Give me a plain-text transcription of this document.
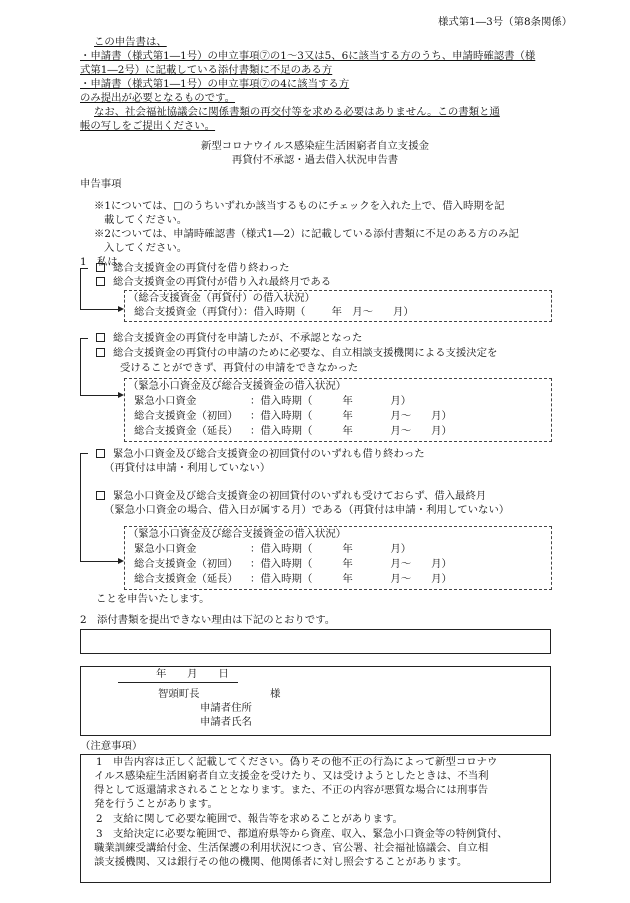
様式第1―3号（第8条関係）
この申告書は、
・申請書（様式第1―1号）の申立事項⑦の1～3又は5、6に該当する方のうち、申請時確認書（様
式第1―2号）に記載している添付書類に不足のある方
・申請書（様式第1―1号）の申立事項⑦の4に該当する方
のみ提出が必要となるものです。
なお、社会福祉協議会に関係書類の再交付等を求める必要はありません。この書類と通
帳の写しをご提出ください。
新型コロナウイルス感染症生活困窮者自立支援金
再貸付不承認・過去借入状況申告書
申告事項
※1については、□のうちいずれか該当するものにチェックを入れた上で、借入時期を記
載してください。
※2については、申請時確認書（様式1―2）に記載している添付書類に不足のある方のみ記
入してください。
1　私は、
総合支援資金の再貸付を借り終わった
総合支援資金の再貸付が借り入れ最終月である
（総合支援資金（再貸付）の借入状況）
総合支援資金（再貸付）：借入時期（	年　月～ 月）
総合支援資金の再貸付を申請したが、不承認となった
総合支援資金の再貸付の申請のために必要な、自立相談支援機関による支援決定を
受けることができず、再貸付の申請をできなかった
（緊急小口資金及び総合支援資金の借入状況）
緊急小口資金	：借入時期（	年	月）
総合支援資金（初回） ：借入時期（	年	月～ 月）
総合支援資金（延長） ：借入時期（	年	月～ 月）
緊急小口資金及び総合支援資金の初回貸付のいずれも借り終わった
（再貸付は申請・利用していない）
緊急小口資金及び総合支援資金の初回貸付のいずれも受けておらず、借入最終月
（緊急小口資金の場合、借入日が属する月）である（再貸付は申請・利用していない）
（緊急小口資金及び総合支援資金の借入状況）
緊急小口資金	：借入時期（	年	月）
総合支援資金（初回） ：借入時期（	年	月～ 月）
総合支援資金（延長） ：借入時期（	年	月～ 月）
ことを申告いたします。
2　添付書類を提出できない理由は下記のとおりです。
年　　月　　日
智頭町長	様
申請者住所
申請者氏名
（注意事項）
1　申告内容は正しく記載してください。偽りその他不正の行為によって新型コロナウ
イルス感染症生活困窮者自立支援金を受けたり、又は受けようとしたときは、不当利
得として返還請求されることとなります。また、不正の内容が悪質な場合には刑事告
発を行うことがあります。
2　支給に関して必要な範囲で、報告等を求めることがあります。
3　支給決定に必要な範囲で、都道府県等から資産、収入、緊急小口資金等の特例貸付、
職業訓練受講給付金、生活保護の利用状況につき、官公署、社会福祉協議会、自立相
談支援機関、又は銀行その他の機関、他関係者に対し照会することがあります。
